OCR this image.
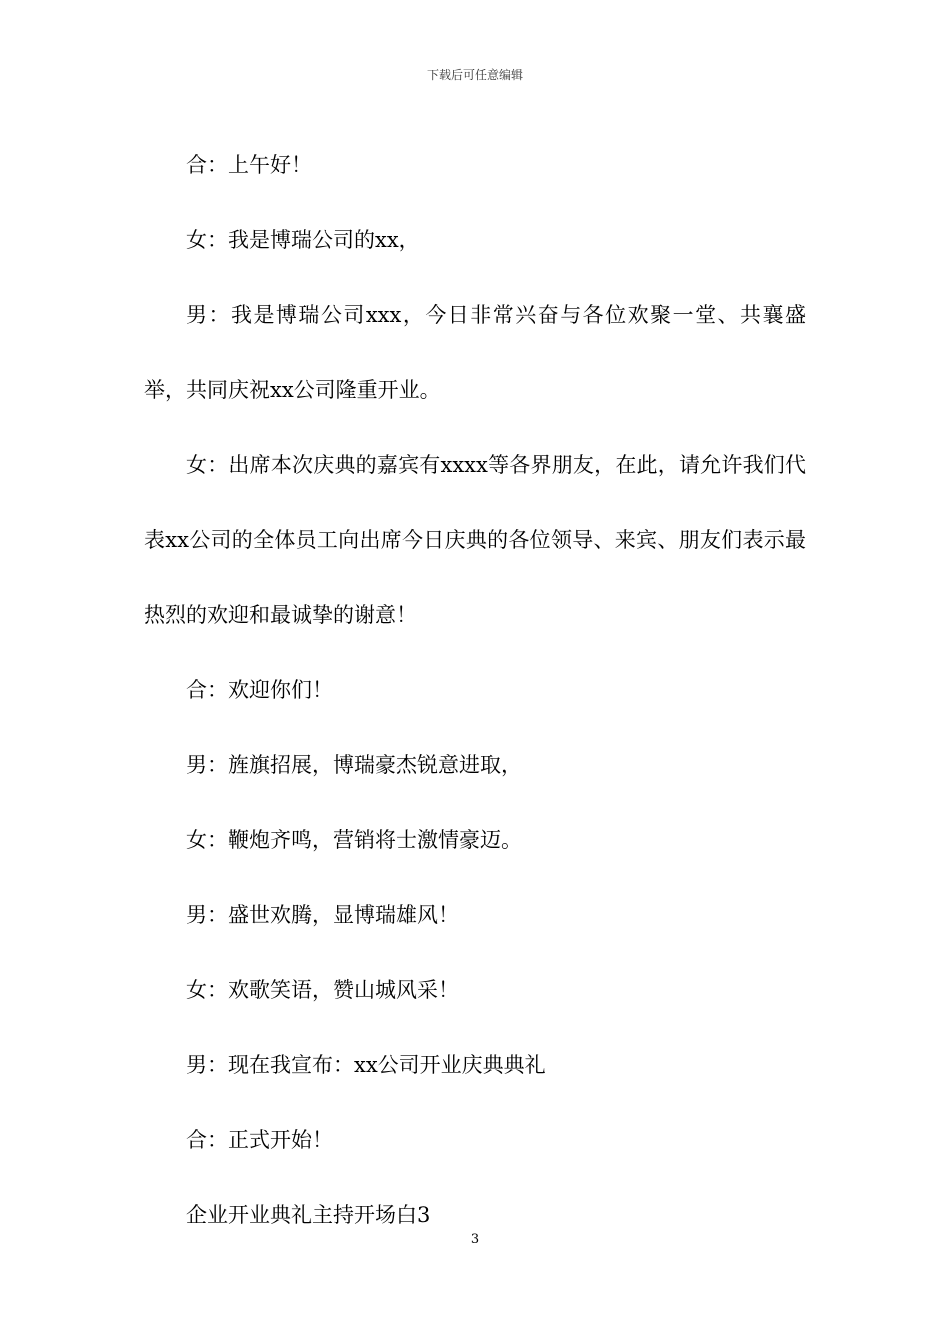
下载后可任意编辑

合：上午好！

女：我是博瑞公司的xx，

男：我是博瑞公司xxx，今日非常兴奋与各位欢聚一堂、共襄盛举，共同庆祝xx公司隆重开业。

女：出席本次庆典的嘉宾有xxxx等各界朋友，在此，请允许我们代表xx公司的全体员工向出席今日庆典的各位领导、来宾、朋友们表示最热烈的欢迎和最诚挚的谢意！

合：欢迎你们！

男：旌旗招展，博瑞豪杰锐意进取，

女：鞭炮齐鸣，营销将士激情豪迈。

男：盛世欢腾，显博瑞雄风！

女：欢歌笑语，赞山城风采！

男：现在我宣布：xx公司开业庆典典礼

合：正式开始！

企业开业典礼主持开场白3

3
